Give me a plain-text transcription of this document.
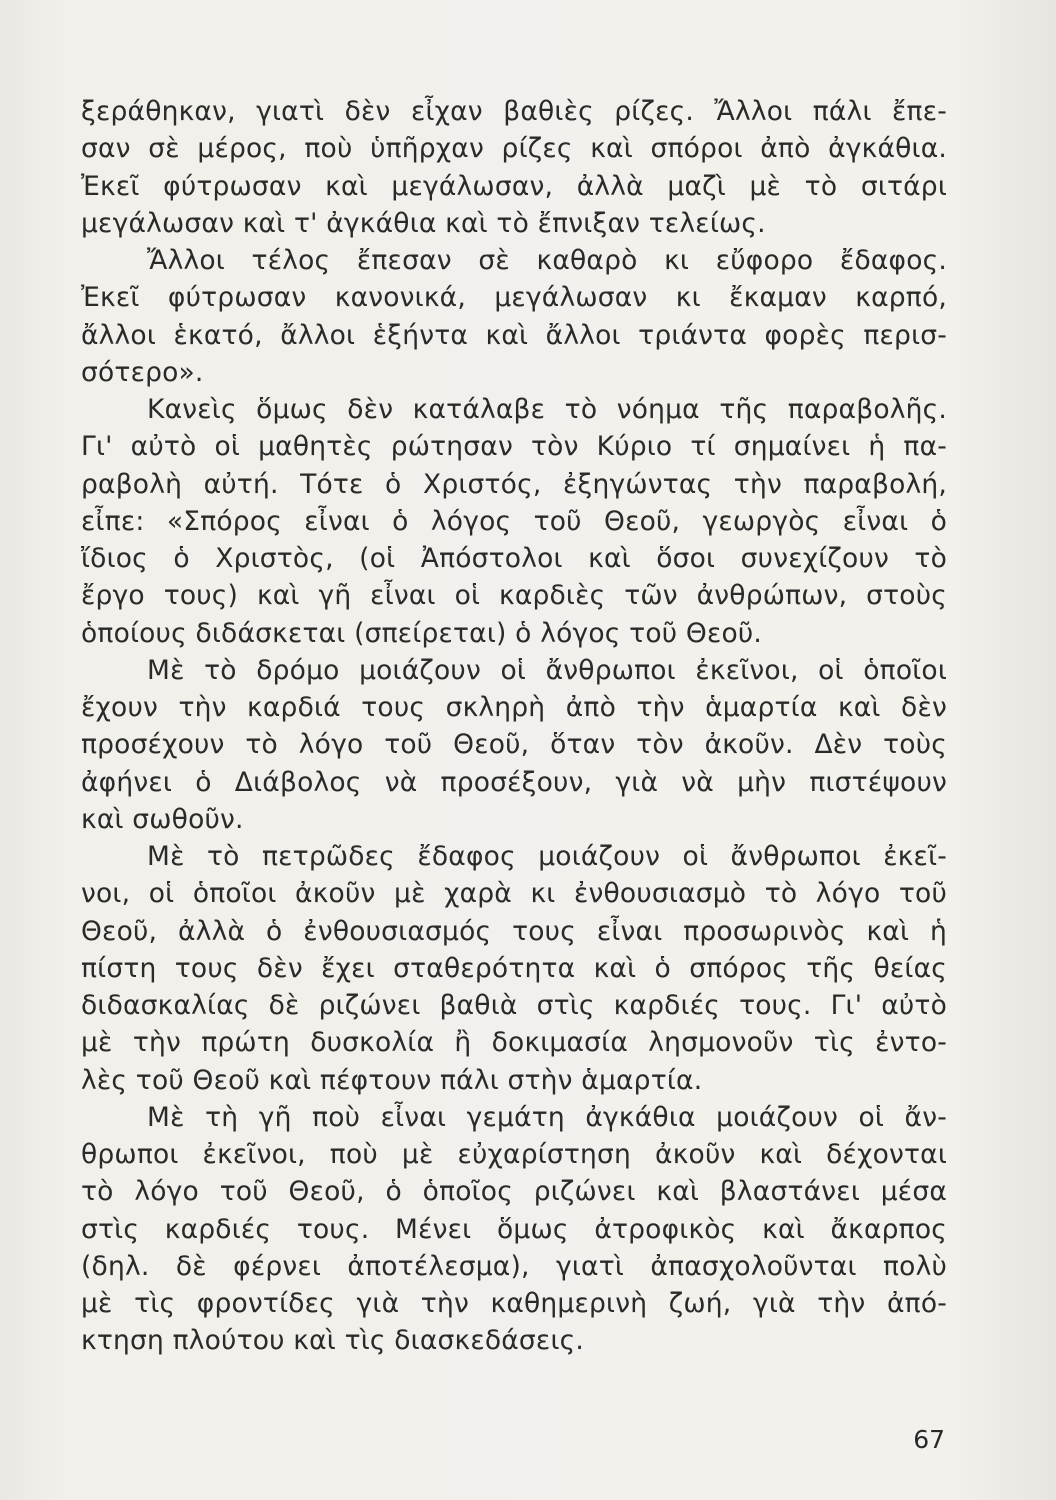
ξεράθηκαν, γιατὶ δὲν εἶχαν βαθιὲς ρίζες. Ἄλλοι πάλι ἔπε-
σαν σὲ μέρος, ποὺ ὑπῆρχαν ρίζες καὶ σπόροι ἀπὸ ἀγκάθια.
Ἐκεῖ φύτρωσαν καὶ μεγάλωσαν, ἀλλὰ μαζὶ μὲ τὸ σιτάρι
μεγάλωσαν καὶ τ' ἀγκάθια καὶ τὸ ἔπνιξαν τελείως.
Ἄλλοι τέλος ἔπεσαν σὲ καθαρὸ κι εὔφορο ἔδαφος.
Ἐκεῖ φύτρωσαν κανονικά, μεγάλωσαν κι ἔκαμαν καρπό,
ἄλλοι ἑκατό, ἄλλοι ἑξήντα καὶ ἄλλοι τριάντα φορὲς περισ-
σότερο».
Κανεὶς ὅμως δὲν κατάλαβε τὸ νόημα τῆς παραβολῆς.
Γι' αὐτὸ οἱ μαθητὲς ρώτησαν τὸν Κύριο τί σημαίνει ἡ πα-
ραβολὴ αὐτή. Τότε ὁ Χριστός, ἐξηγώντας τὴν παραβολή,
εἶπε: «Σπόρος εἶναι ὁ λόγος τοῦ Θεοῦ, γεωργὸς εἶναι ὁ
ἴδιος ὁ Χριστὸς, (οἱ Ἀπόστολοι καὶ ὅσοι συνεχίζουν τὸ
ἔργο τους) καὶ γῆ εἶναι οἱ καρδιὲς τῶν ἀνθρώπων, στοὺς
ὁποίους διδάσκεται (σπείρεται) ὁ λόγος τοῦ Θεοῦ.
Μὲ τὸ δρόμο μοιάζουν οἱ ἄνθρωποι ἐκεῖνοι, οἱ ὁποῖοι
ἔχουν τὴν καρδιά τους σκληρὴ ἀπὸ τὴν ἁμαρτία καὶ δὲν
προσέχουν τὸ λόγο τοῦ Θεοῦ, ὅταν τὸν ἀκοῦν. Δὲν τοὺς
ἀφήνει ὁ Διάβολος νὰ προσέξουν, γιὰ νὰ μὴν πιστέψουν
καὶ σωθοῦν.
Μὲ τὸ πετρῶδες ἔδαφος μοιάζουν οἱ ἄνθρωποι ἐκεῖ-
νοι, οἱ ὁποῖοι ἀκοῦν μὲ χαρὰ κι ἐνθουσιασμὸ τὸ λόγο τοῦ
Θεοῦ, ἀλλὰ ὁ ἐνθουσιασμός τους εἶναι προσωρινὸς καὶ ἡ
πίστη τους δὲν ἔχει σταθερότητα καὶ ὁ σπόρος τῆς θείας
διδασκαλίας δὲ ριζώνει βαθιὰ στὶς καρδιές τους. Γι' αὐτὸ
μὲ τὴν πρώτη δυσκολία ἢ δοκιμασία λησμονοῦν τὶς ἐντο-
λὲς τοῦ Θεοῦ καὶ πέφτουν πάλι στὴν ἁμαρτία.
Μὲ τὴ γῆ ποὺ εἶναι γεμάτη ἀγκάθια μοιάζουν οἱ ἄν-
θρωποι ἐκεῖνοι, ποὺ μὲ εὐχαρίστηση ἀκοῦν καὶ δέχονται
τὸ λόγο τοῦ Θεοῦ, ὁ ὁποῖος ριζώνει καὶ βλαστάνει μέσα
στὶς καρδιές τους. Μένει ὅμως ἀτροφικὸς καὶ ἄκαρπος
(δηλ. δὲ φέρνει ἀποτέλεσμα), γιατὶ ἀπασχολοῦνται πολὺ
μὲ τὶς φροντίδες γιὰ τὴν καθημερινὴ ζωή, γιὰ τὴν ἀπό-
κτηση πλούτου καὶ τὶς διασκεδάσεις.
67
